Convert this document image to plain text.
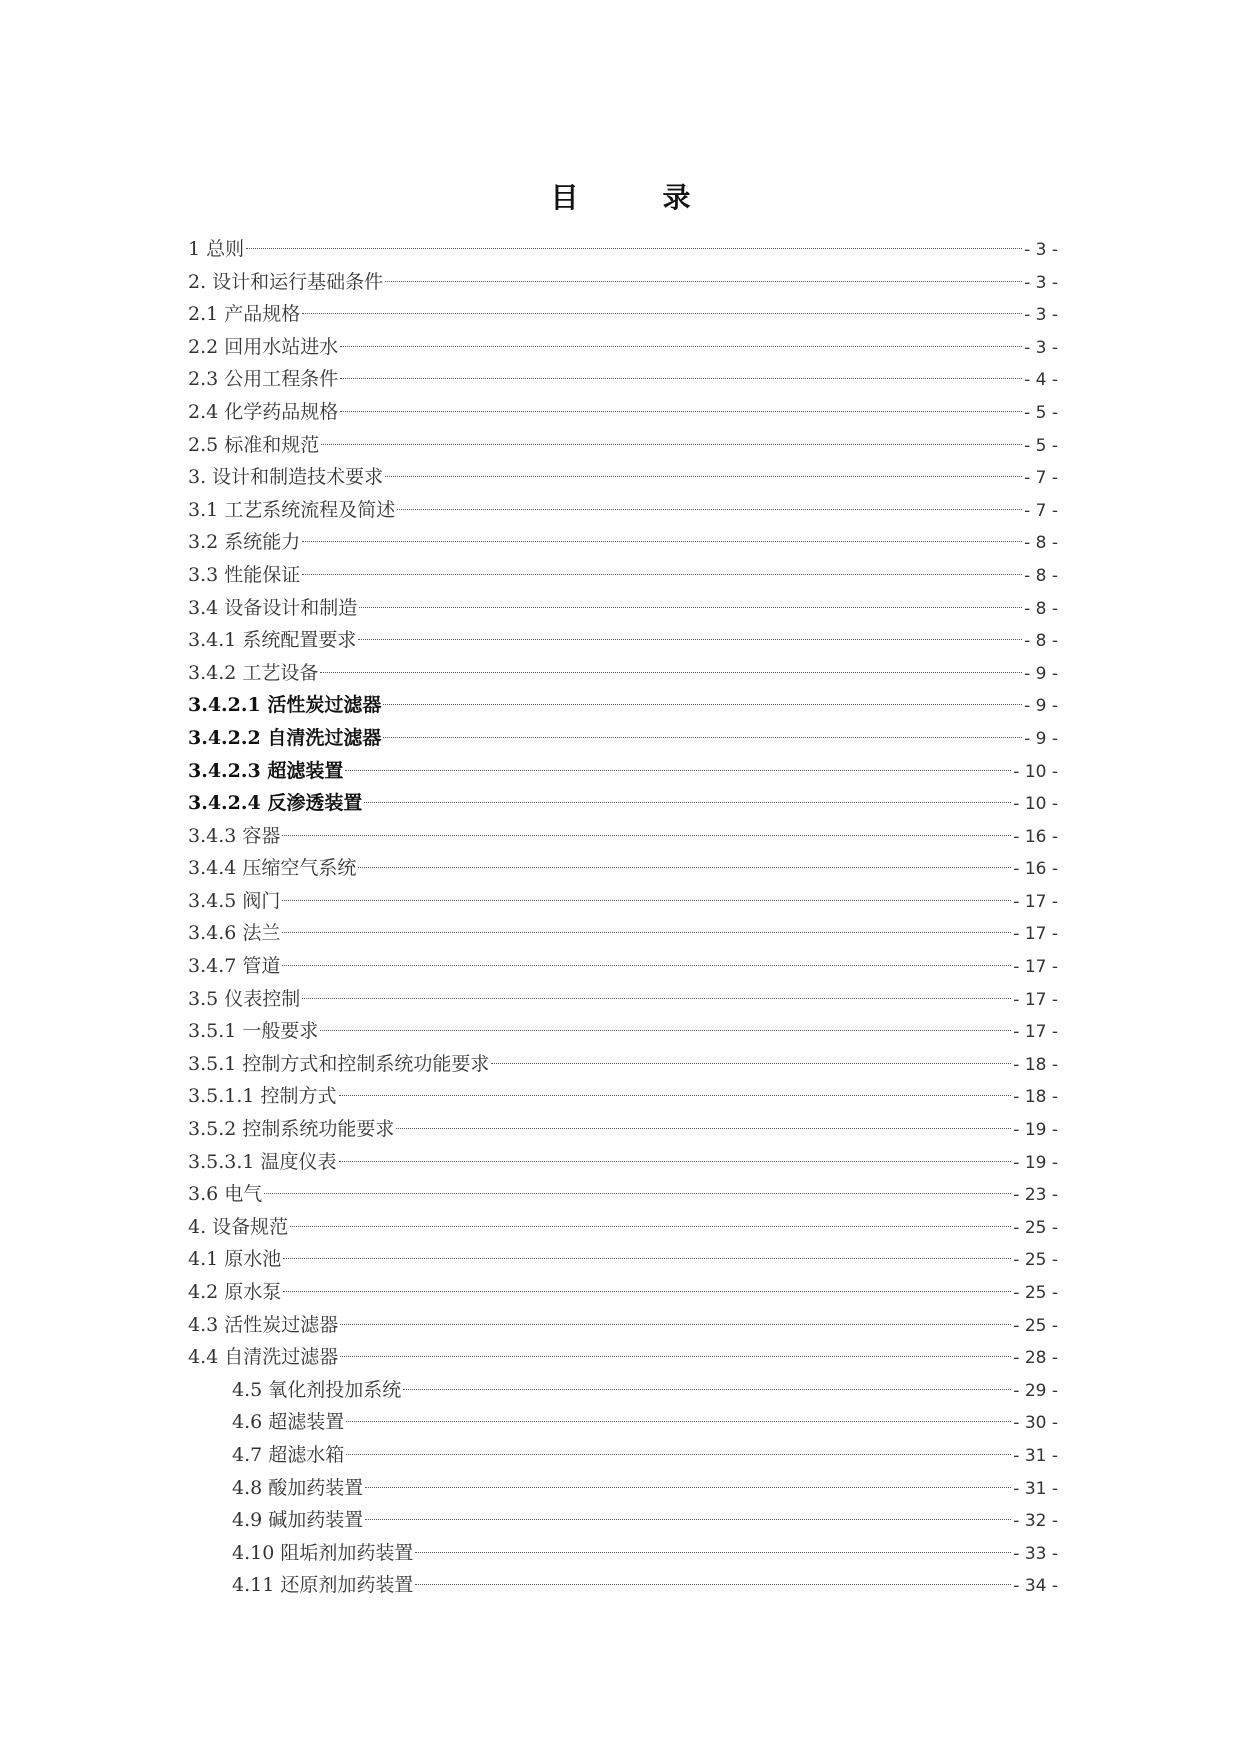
目　录
1 总则	- 3 -
2. 设计和运行基础条件	- 3 -
2.1 产品规格	- 3 -
2.2 回用水站进水	- 3 -
2.3 公用工程条件	- 4 -
2.4 化学药品规格	- 5 -
2.5 标准和规范	- 5 -
3. 设计和制造技术要求	- 7 -
3.1 工艺系统流程及简述	- 7 -
3.2 系统能力	- 8 -
3.3 性能保证	- 8 -
3.4 设备设计和制造	- 8 -
3.4.1 系统配置要求	- 8 -
3.4.2 工艺设备	- 9 -
3.4.2.1 活性炭过滤器	- 9 -
3.4.2.2 自清洗过滤器	- 9 -
3.4.2.3 超滤装置	- 10 -
3.4.2.4 反渗透装置	- 10 -
3.4.3 容器	- 16 -
3.4.4 压缩空气系统	- 16 -
3.4.5 阀门	- 17 -
3.4.6 法兰	- 17 -
3.4.7 管道	- 17 -
3.5 仪表控制	- 17 -
3.5.1 一般要求	- 17 -
3.5.1 控制方式和控制系统功能要求	- 18 -
3.5.1.1 控制方式	- 18 -
3.5.2 控制系统功能要求	- 19 -
3.5.3.1 温度仪表	- 19 -
3.6 电气	- 23 -
4. 设备规范	- 25 -
4.1 原水池	- 25 -
4.2 原水泵	- 25 -
4.3 活性炭过滤器	- 25 -
4.4 自清洗过滤器	- 28 -
4.5 氧化剂投加系统	- 29 -
4.6 超滤装置	- 30 -
4.7 超滤水箱	- 31 -
4.8 酸加药装置	- 31 -
4.9 碱加药装置	- 32 -
4.10 阻垢剂加药装置	- 33 -
4.11 还原剂加药装置	- 34 -
